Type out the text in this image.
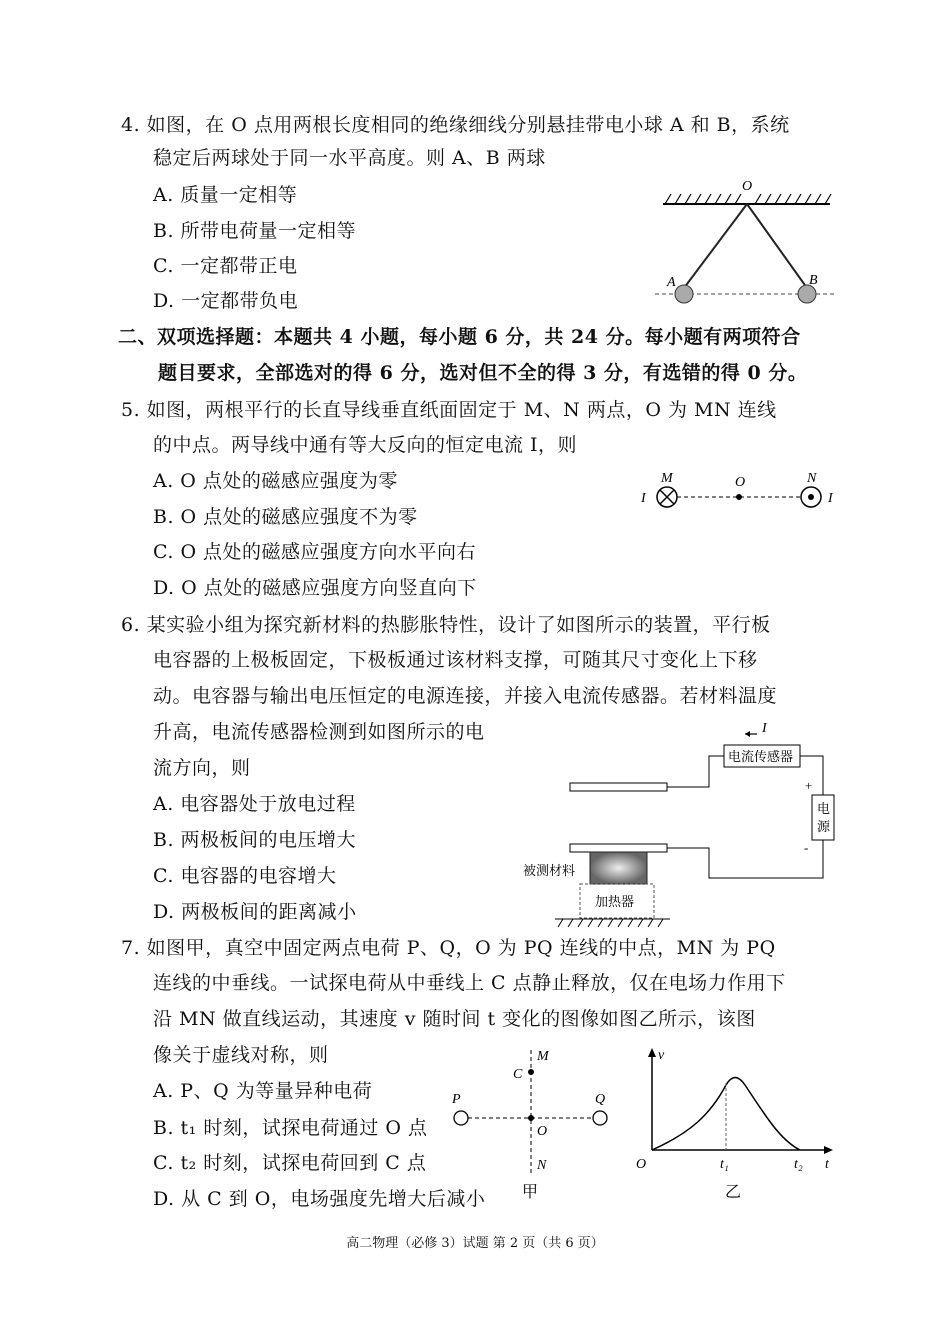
4. 如图，在 O 点用两根长度相同的绝缘细线分别悬挂带电小球 A 和 B，系统
稳定后两球处于同一水平高度。则 A、B 两球
A. 质量一定相等
B. 所带电荷量一定相等
C. 一定都带正电
D. 一定都带负电
O
A	B
二、双项选择题：本题共 4 小题，每小题 6 分，共 24 分。每小题有两项符合
题目要求，全部选对的得 6 分，选对但不全的得 3 分，有选错的得 0 分。
5. 如图，两根平行的长直导线垂直纸面固定于 M、N 两点，O 为 MN 连线
的中点。两导线中通有等大反向的恒定电流 I，则
A. O 点处的磁感应强度为零
B. O 点处的磁感应强度不为零
C. O 点处的磁感应强度方向水平向右
D. O 点处的磁感应强度方向竖直向下
M	N
O
I	I
6. 某实验小组为探究新材料的热膨胀特性，设计了如图所示的装置，平行板
电容器的上极板固定，下极板通过该材料支撑，可随其尺寸变化上下移
动。电容器与输出电压恒定的电源连接，并接入电流传感器。若材料温度
升高，电流传感器检测到如图所示的电
流方向，则
A. 电容器处于放电过程
B. 两极板间的电压增大
C. 电容器的电容增大
D. 两极板间的距离减小
I
电流传感器
电
源
+
-
被测材料
加热器
7. 如图甲，真空中固定两点电荷 P、Q，O 为 PQ 连线的中点，MN 为 PQ
连线的中垂线。一试探电荷从中垂线上 C 点静止释放，仅在电场力作用下
沿 MN 做直线运动，其速度 v 随时间 t 变化的图像如图乙所示，该图
像关于虚线对称，则
A. P、Q 为等量异种电荷
B. t₁ 时刻，试探电荷通过 O 点
C. t₂ 时刻，试探电荷回到 C 点
D. 从 C 到 O，电场强度先增大后减小
P	Q
M
C
O
N
甲
v
t
O	t₁	t₂
乙
高二物理（必修 3）试题 第 2 页（共 6 页）
